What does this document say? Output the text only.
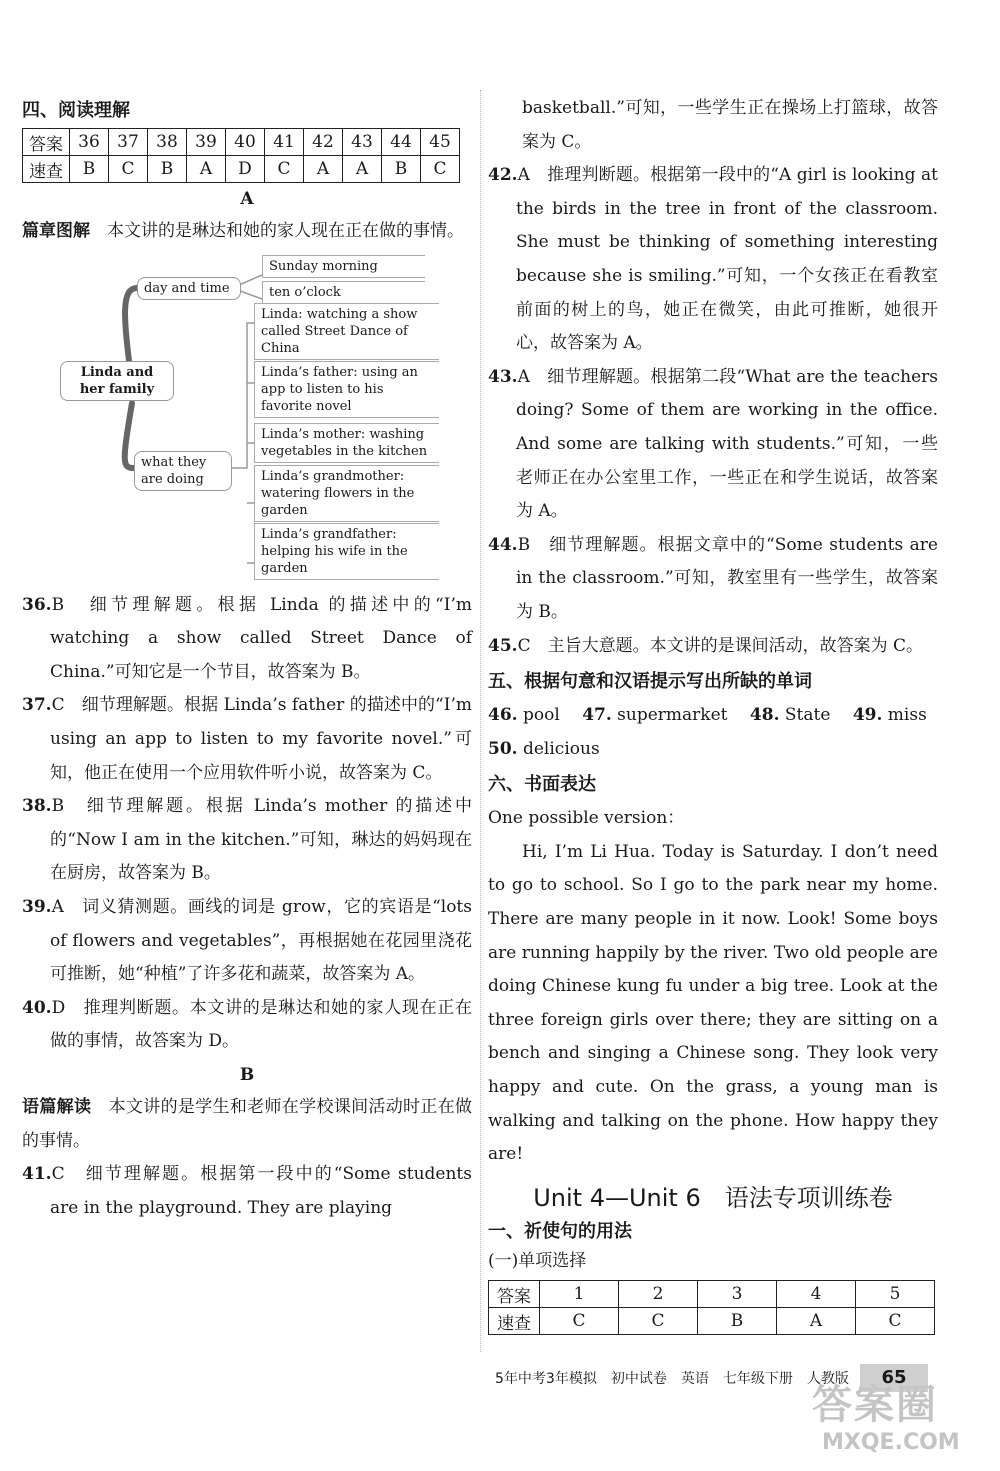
四、阅读理解
答案	36	37	38	39	40	41	42	43	44	45
速查	B	C	B	A	D	C	A	A	B	C
A

篇章图解　 本文讲的是琳达和她的家人现在正在做的事情。

Linda and her family
day and time
Sunday morning
ten o’clock
what they are doing
Linda: watching a show called Street Dance of China
Linda’s father: using an app to listen to his favorite novel
Linda’s mother: washing vegetables in the kitchen
Linda’s grandmother: watering flowers in the garden
Linda’s grandfather: helping his wife in the garden

36.B　细节理解题。根据 Linda 的描述中的“I’m watching a show called Street Dance of China.”可知它是一个节目，故答案为 B。

37.C　细节理解题。根据 Linda’s father 的描述中的“I’m using an app to listen to my favorite novel.”可知，他正在使用一个应用软件听小说，故答案为 C。

38.B　细节理解题。根据 Linda’s mother 的描述中的“Now I am in the kitchen.”可知，琳达的妈妈现在在厨房，故答案为 B。

39.A　词义猜测题。画线的词是 grow，它的宾语是“lots of flowers and vegetables”，再根据她在花园里浇花可推断，她“种植”了许多花和蔬菜，故答案为 A。

40.D　推理判断题。本文讲的是琳达和她的家人现在正在做的事情，故答案为 D。

B

语篇解读　 本文讲的是学生和老师在学校课间活动时正在做的事情。

41.C　细节理解题。根据第一段中的“Some students are in the playground. They are playing

basketball.”可知，一些学生正在操场上打篮球，故答案为 C。

42.A　推理判断题。根据第一段中的“A girl is looking at the birds in the tree in front of the classroom. She must be thinking of something interesting because she is smiling.”可知，一个女孩正在看教室前面的树上的鸟，她正在微笑，由此可推断，她很开心，故答案为 A。

43.A　细节理解题。根据第二段“What are the teachers doing? Some of them are working in the office. And some are talking with students.”可知，一些老师正在办公室里工作，一些正在和学生说话，故答案为 A。

44.B　细节理解题。根据文章中的“Some students are in the classroom.”可知，教室里有一些学生，故答案为 B。

45.C　主旨大意题。本文讲的是课间活动，故答案为 C。

五、根据句意和汉语提示写出所缺的单词

46. pool　 47. supermarket　 48. State　 49. miss

50. delicious

六、书面表达

One possible version：

Hi, I’m Li Hua. Today is Saturday. I don’t need to go to school. So I go to the park near my home. There are many people in it now. Look! Some boys are running happily by the river. Two old people are doing Chinese kung fu under a big tree. Look at the three foreign girls over there; they are sitting on a bench and singing a Chinese song. They look very happy and cute. On the grass, a young man is walking and talking on the phone. How happy they are!

Unit 4—Unit 6　语法专项训练卷
一、祈使句的用法
(一)单项选择
答案	1	2	3	4	5
速查	C	C	B	A	C
5年中考3年模拟　初中试卷　英语　七年级下册　人教版	65
答案圈
MXQE.COM
